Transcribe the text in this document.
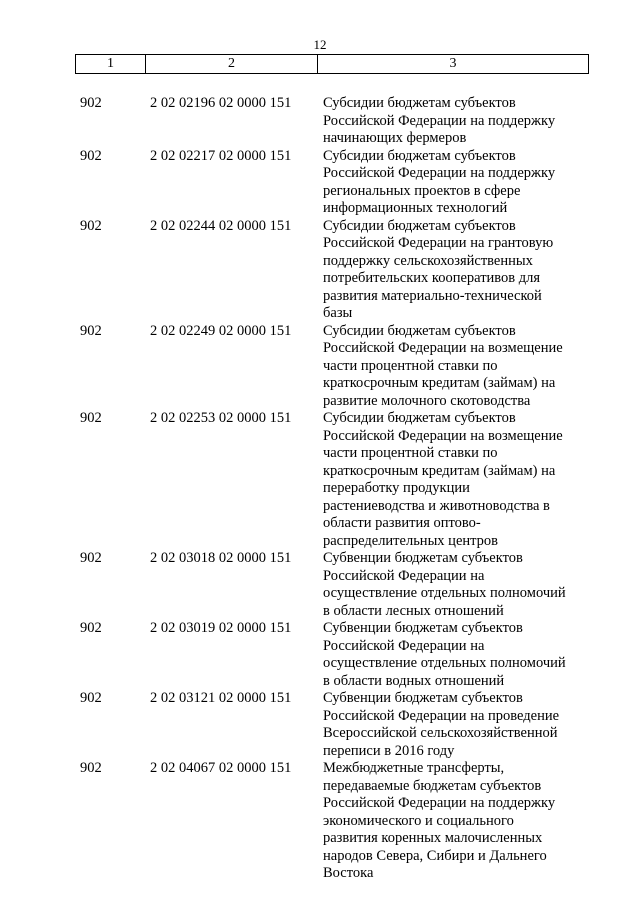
12
1	2	3
902	2 02 02196 02 0000 151	Субсидии бюджетам субъектов
Российской Федерации на поддержку
начинающих фермеров
902	2 02 02217 02 0000 151	Субсидии бюджетам субъектов
Российской Федерации на поддержку
региональных проектов в сфере
информационных технологий
902	2 02 02244 02 0000 151	Субсидии бюджетам субъектов
Российской Федерации на грантовую
поддержку сельскохозяйственных
потребительских кооперативов для
развития материально-технической
базы
902	2 02 02249 02 0000 151	Субсидии бюджетам субъектов
Российской Федерации на возмещение
части процентной ставки по
краткосрочным кредитам (займам) на
развитие молочного скотоводства
902	2 02 02253 02 0000 151	Субсидии бюджетам субъектов
Российской Федерации на возмещение
части процентной ставки по
краткосрочным кредитам (займам) на
переработку продукции
растениеводства и животноводства в
области развития оптово-
распределительных центров
902	2 02 03018 02 0000 151	Субвенции бюджетам субъектов
Российской Федерации на
осуществление отдельных полномочий
в области лесных отношений
902	2 02 03019 02 0000 151	Субвенции бюджетам субъектов
Российской Федерации на
осуществление отдельных полномочий
в области водных отношений
902	2 02 03121 02 0000 151	Субвенции бюджетам субъектов
Российской Федерации на проведение
Всероссийской сельскохозяйственной
переписи в 2016 году
902	2 02 04067 02 0000 151	Межбюджетные трансферты,
передаваемые бюджетам субъектов
Российской Федерации на поддержку
экономического и социального
развития коренных малочисленных
народов Севера, Сибири и Дальнего
Востока
